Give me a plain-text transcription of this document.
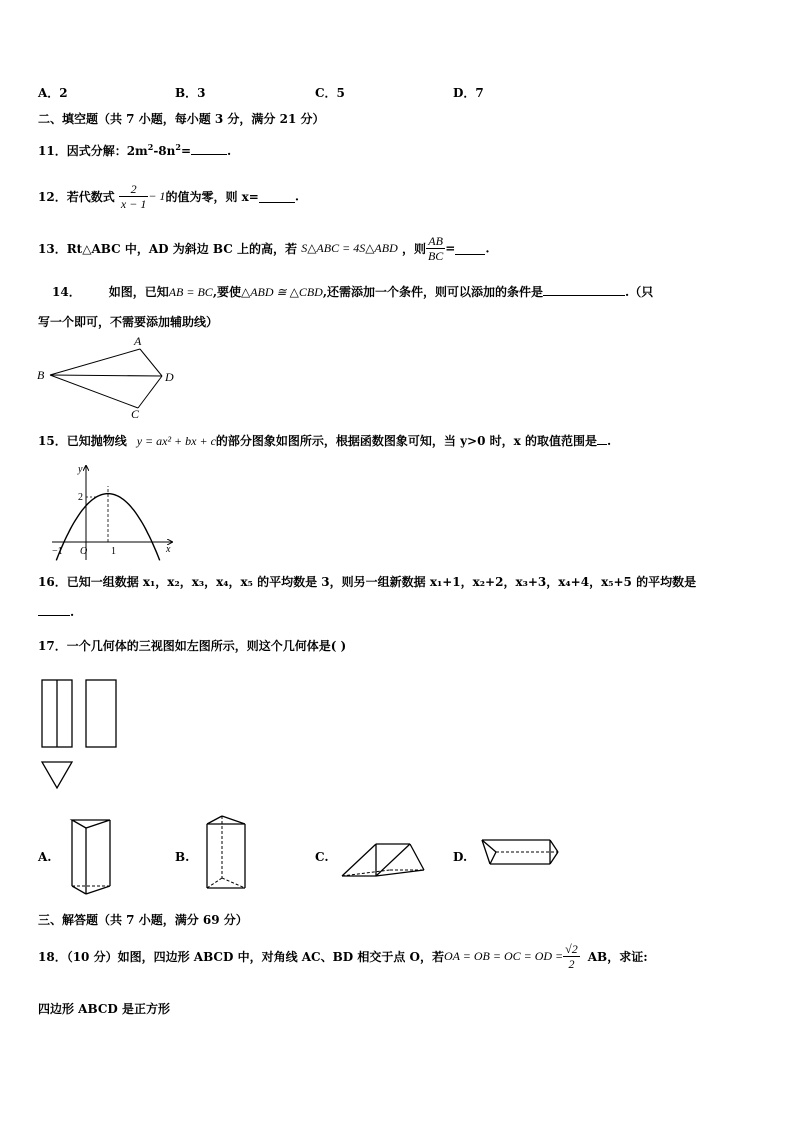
A．2	B．3	C．5	D．7
二、填空题（共 7 小题，每小题 3 分，满分 21 分）
11．因式分解：$2m^2-8n^2=$	.
12．若代数式 $\frac{2}{x - 1} - 1$的值为零，则 x=	.
13．Rt△ABC 中，AD 为斜边 BC 上的高，若 S△ABC = 4S△ABD ，则 $\frac{AB}{BC}$ =	.
14． 如图，已知AB = BC,要使△ABD ≅ △CBD,还需添加一个条件，则可以添加的条件是	.（只
写一个即可，不需要添加辅助线）
A
B
C
D
15．已知抛物线 y = ax² + bx + c的部分图象如图所示，根据函数图象可知，当 y>0 时，x 的取值范围是 .
y
2
−1 O 1	x
16．已知一组数据 x₁，x₂，x₃，x₄，x₅ 的平均数是 3，则另一组新数据 x₁+1，x₂+2，x₃+3，x₄+4，x₅+5 的平均数是
.
17．一个几何体的三视图如左图所示，则这个几何体是( )
A.	B.	C.	D.
三、解答题（共 7 小题，满分 69 分）
18．（10 分）如图，四边形 ABCD 中，对角线 AC、BD 相交于点 O，若OA = OB = OC = OD = $\frac{√2}{2}$ AB，求证:
四边形 ABCD 是正方形
